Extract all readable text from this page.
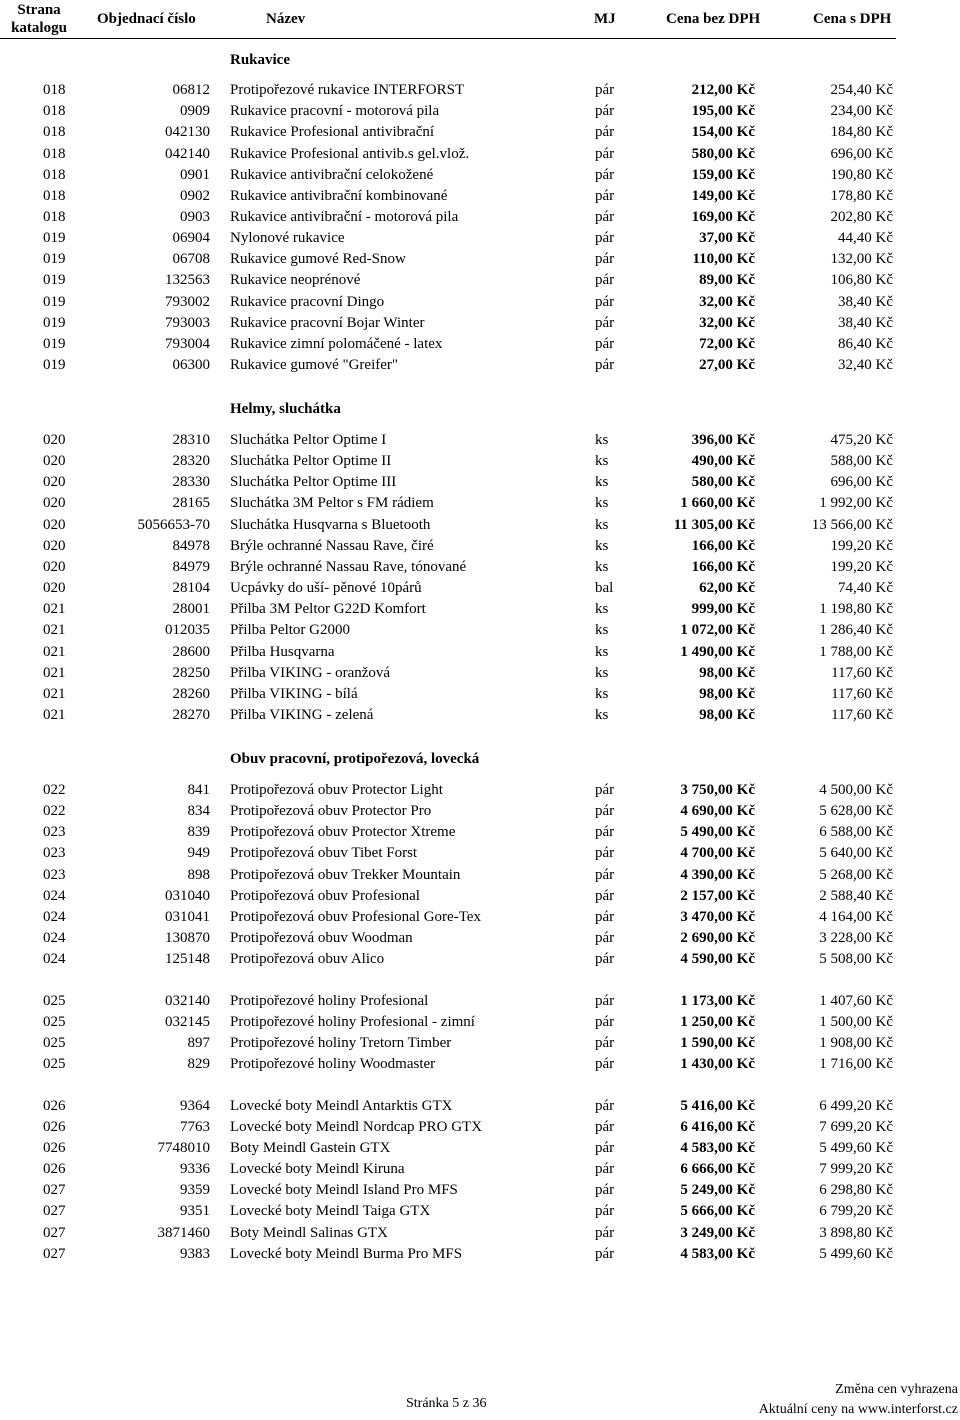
Strana katalogu
Objednací číslo	Název	MJ	Cena bez DPH	Cena s DPH
Rukavice
018	06812 Protipořezové rukavice INTERFORST	pár	212,00 Kč	254,40 Kč
018	0909 Rukavice pracovní - motorová pila	pár	195,00 Kč	234,00 Kč
018	042130 Rukavice Profesional antivibrační	pár	154,00 Kč	184,80 Kč
018	042140 Rukavice Profesional antivib.s gel.vlož.	pár	580,00 Kč	696,00 Kč
018	0901 Rukavice antivibrační celokožené	pár	159,00 Kč	190,80 Kč
018	0902 Rukavice antivibrační kombinované	pár	149,00 Kč	178,80 Kč
018	0903 Rukavice antivibrační - motorová pila	pár	169,00 Kč	202,80 Kč
019	06904 Nylonové rukavice	pár	37,00 Kč	44,40 Kč
019	06708 Rukavice gumové Red-Snow	pár	110,00 Kč	132,00 Kč
019	132563 Rukavice neoprénové	pár	89,00 Kč	106,80 Kč
019	793002 Rukavice pracovní Dingo	pár	32,00 Kč	38,40 Kč
019	793003 Rukavice pracovní Bojar Winter	pár	32,00 Kč	38,40 Kč
019	793004 Rukavice zimní polomáčené - latex	pár	72,00 Kč	86,40 Kč
019	06300 Rukavice gumové "Greifer"	pár	27,00 Kč	32,40 Kč
Helmy, sluchátka
020	28310 Sluchátka Peltor Optime I	ks	396,00 Kč	475,20 Kč
020	28320 Sluchátka Peltor Optime II	ks	490,00 Kč	588,00 Kč
020	28330 Sluchátka Peltor Optime III	ks	580,00 Kč	696,00 Kč
020	28165 Sluchátka 3M Peltor s FM rádiem	ks	1 660,00 Kč	1 992,00 Kč
020	5056653-70 Sluchátka Husqvarna s Bluetooth	ks	11 305,00 Kč	13 566,00 Kč
020	84978 Brýle ochranné Nassau Rave, čiré	ks	166,00 Kč	199,20 Kč
020	84979 Brýle ochranné Nassau Rave, tónované	ks	166,00 Kč	199,20 Kč
020	28104 Ucpávky do uší- pěnové 10párů	bal	62,00 Kč	74,40 Kč
021	28001 Přilba 3M Peltor G22D Komfort	ks	999,00 Kč	1 198,80 Kč
021	012035 Přilba Peltor G2000	ks	1 072,00 Kč	1 286,40 Kč
021	28600 Přilba Husqvarna	ks	1 490,00 Kč	1 788,00 Kč
021	28250 Přilba VIKING - oranžová	ks	98,00 Kč	117,60 Kč
021	28260 Přilba VIKING - bílá	ks	98,00 Kč	117,60 Kč
021	28270 Přilba VIKING - zelená	ks	98,00 Kč	117,60 Kč
Obuv pracovní, protipořezová, lovecká
022	841 Protipořezová obuv Protector Light	pár	3 750,00 Kč	4 500,00 Kč
022	834 Protipořezová obuv Protector Pro	pár	4 690,00 Kč	5 628,00 Kč
023	839 Protipořezová obuv Protector Xtreme	pár	5 490,00 Kč	6 588,00 Kč
023	949 Protipořezová obuv Tibet Forst	pár	4 700,00 Kč	5 640,00 Kč
023	898 Protipořezová obuv Trekker Mountain	pár	4 390,00 Kč	5 268,00 Kč
024	031040 Protipořezová obuv Profesional	pár	2 157,00 Kč	2 588,40 Kč
024	031041 Protipořezová obuv Profesional Gore-Tex	pár	3 470,00 Kč	4 164,00 Kč
024	130870 Protipořezová obuv Woodman	pár	2 690,00 Kč	3 228,00 Kč
024	125148 Protipořezová obuv Alico	pár	4 590,00 Kč	5 508,00 Kč
025	032140 Protipořezové holiny Profesional	pár	1 173,00 Kč	1 407,60 Kč
025	032145 Protipořezové holiny Profesional - zimní	pár	1 250,00 Kč	1 500,00 Kč
025	897 Protipořezové holiny Tretorn Timber	pár	1 590,00 Kč	1 908,00 Kč
025	829 Protipořezové holiny Woodmaster	pár	1 430,00 Kč	1 716,00 Kč
026	9364 Lovecké boty Meindl Antarktis GTX	pár	5 416,00 Kč	6 499,20 Kč
026	7763 Lovecké boty Meindl Nordcap PRO GTX	pár	6 416,00 Kč	7 699,20 Kč
026	7748010 Boty Meindl Gastein GTX	pár	4 583,00 Kč	5 499,60 Kč
026	9336 Lovecké boty Meindl Kiruna	pár	6 666,00 Kč	7 999,20 Kč
027	9359 Lovecké boty Meindl Island Pro MFS	pár	5 249,00 Kč	6 298,80 Kč
027	9351 Lovecké boty Meindl Taiga GTX	pár	5 666,00 Kč	6 799,20 Kč
027	3871460 Boty Meindl Salinas GTX	pár	3 249,00 Kč	3 898,80 Kč
027	9383 Lovecké boty Meindl Burma Pro MFS	pár	4 583,00 Kč	5 499,60 Kč
Stránka 5 z 36
Změna cen vyhrazena
Aktuální ceny na www.interforst.cz
